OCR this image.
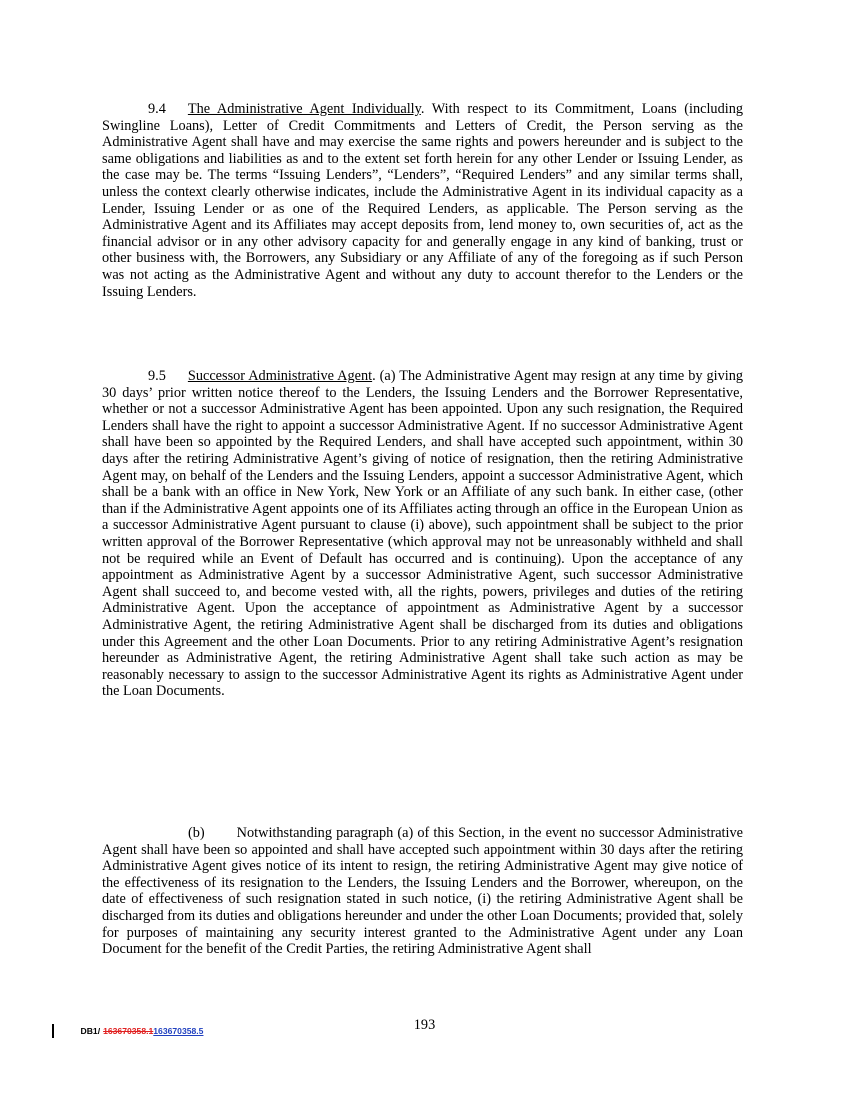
9.4 The Administrative Agent Individually. With respect to its Commitment, Loans (including Swingline Loans), Letter of Credit Commitments and Letters of Credit, the Person serving as the Administrative Agent shall have and may exercise the same rights and powers hereunder and is subject to the same obligations and liabilities as and to the extent set forth herein for any other Lender or Issuing Lender, as the case may be. The terms “Issuing Lenders”, “Lenders”, “Required Lenders” and any similar terms shall, unless the context clearly otherwise indicates, include the Administrative Agent in its individual capacity as a Lender, Issuing Lender or as one of the Required Lenders, as applicable. The Person serving as the Administrative Agent and its Affiliates may accept deposits from, lend money to, own securities of, act as the financial advisor or in any other advisory capacity for and generally engage in any kind of banking, trust or other business with, the Borrowers, any Subsidiary or any Affiliate of any of the foregoing as if such Person was not acting as the Administrative Agent and without any duty to account therefor to the Lenders or the Issuing Lenders.

9.5 Successor Administrative Agent. (a) The Administrative Agent may resign at any time by giving 30 days’ prior written notice thereof to the Lenders, the Issuing Lenders and the Borrower Representative, whether or not a successor Administrative Agent has been appointed. Upon any such resignation, the Required Lenders shall have the right to appoint a successor Administrative Agent. If no successor Administrative Agent shall have been so appointed by the Required Lenders, and shall have accepted such appointment, within 30 days after the retiring Administrative Agent’s giving of notice of resignation, then the retiring Administrative Agent may, on behalf of the Lenders and the Issuing Lenders, appoint a successor Administrative Agent, which shall be a bank with an office in New York, New York or an Affiliate of any such bank. In either case, (other than if the Administrative Agent appoints one of its Affiliates acting through an office in the European Union as a successor Administrative Agent pursuant to clause (i) above), such appointment shall be subject to the prior written approval of the Borrower Representative (which approval may not be unreasonably withheld and shall not be required while an Event of Default has occurred and is continuing). Upon the acceptance of any appointment as Administrative Agent by a successor Administrative Agent, such successor Administrative Agent shall succeed to, and become vested with, all the rights, powers, privileges and duties of the retiring Administrative Agent. Upon the acceptance of appointment as Administrative Agent by a successor Administrative Agent, the retiring Administrative Agent shall be discharged from its duties and obligations under this Agreement and the other Loan Documents. Prior to any retiring Administrative Agent’s resignation hereunder as Administrative Agent, the retiring Administrative Agent shall take such action as may be reasonably necessary to assign to the successor Administrative Agent its rights as Administrative Agent under the Loan Documents.

(b) Notwithstanding paragraph (a) of this Section, in the event no successor Administrative Agent shall have been so appointed and shall have accepted such appointment within 30 days after the retiring Administrative Agent gives notice of its intent to resign, the retiring Administrative Agent may give notice of the effectiveness of its resignation to the Lenders, the Issuing Lenders and the Borrower, whereupon, on the date of effectiveness of such resignation stated in such notice, (i) the retiring Administrative Agent shall be discharged from its duties and obligations hereunder and under the other Loan Documents; provided that, solely for purposes of maintaining any security interest granted to the Administrative Agent under any Loan Document for the benefit of the Credit Parties, the retiring Administrative Agent shall

193
DB1/ 163670358.1 163670358.5
